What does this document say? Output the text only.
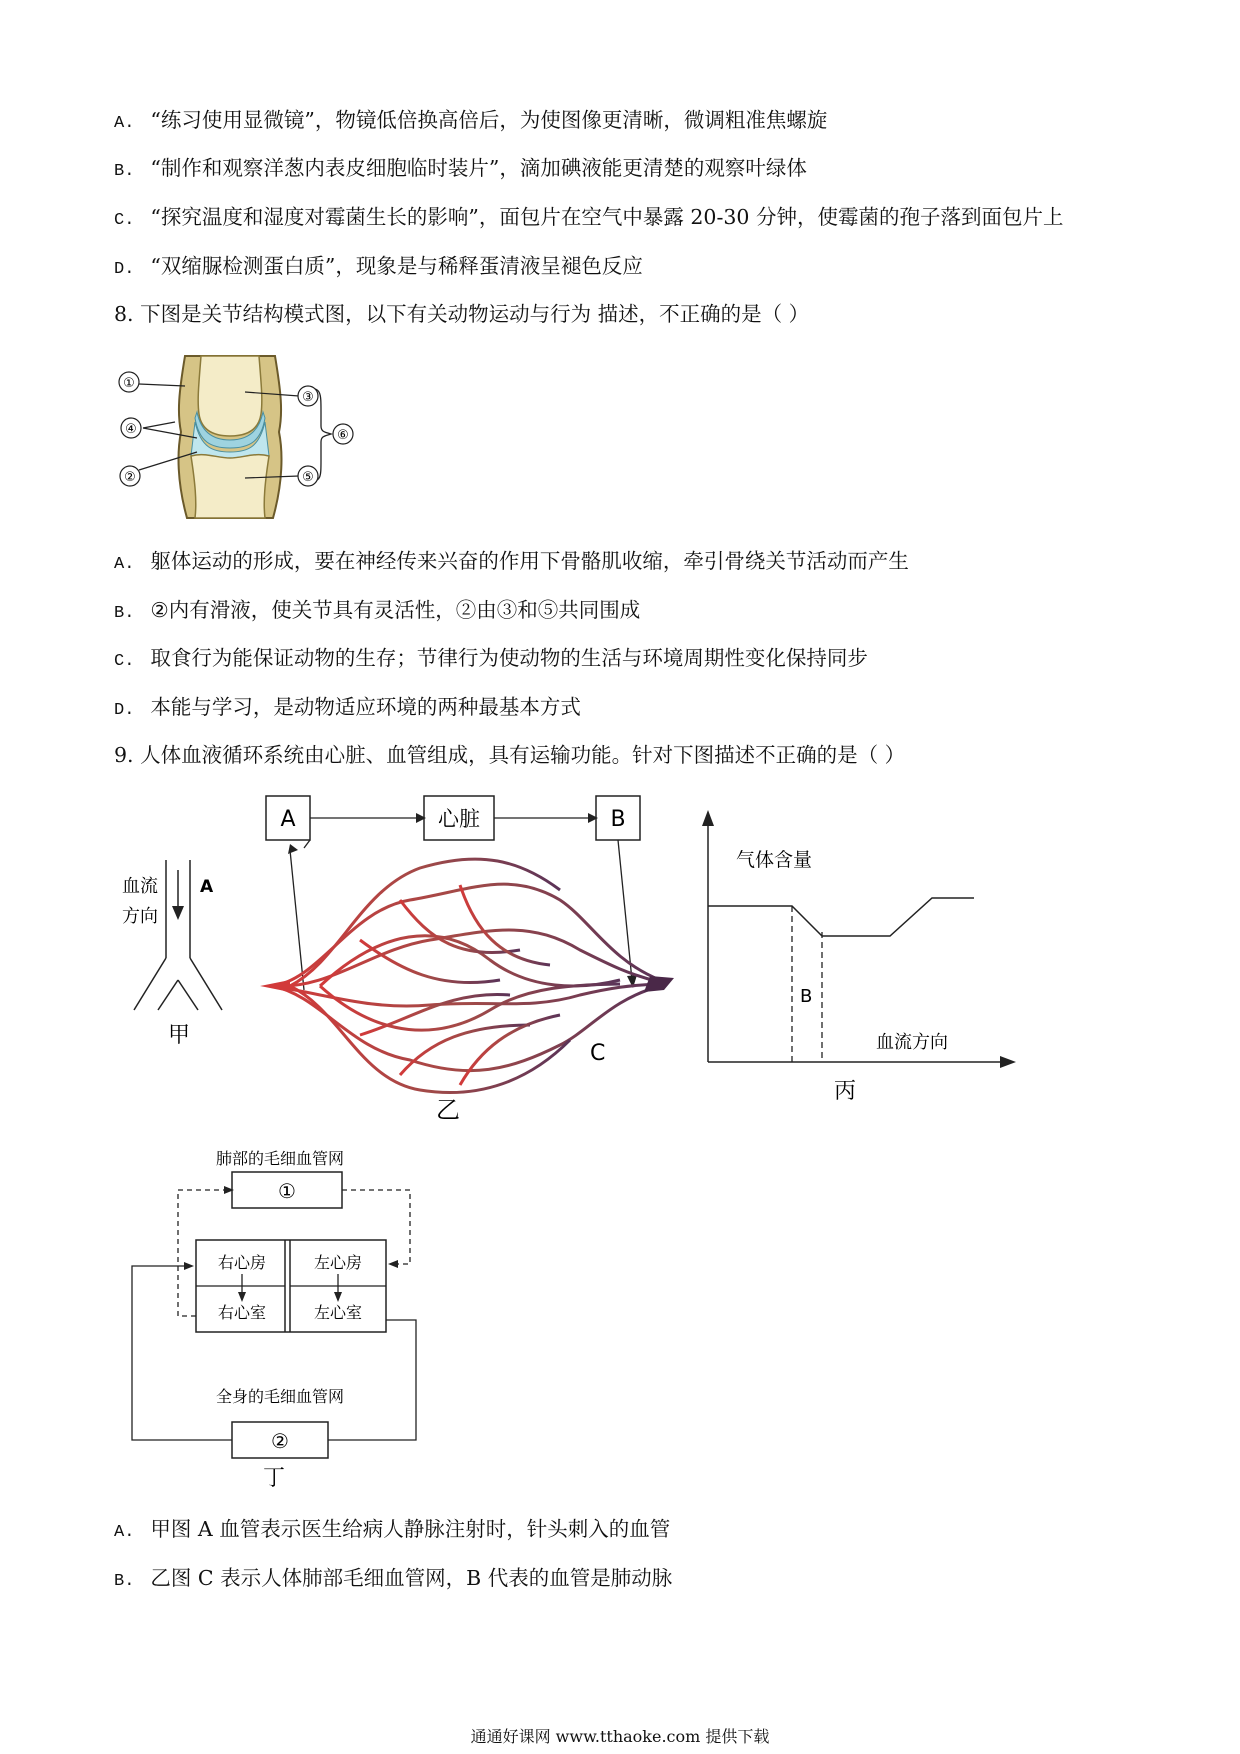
A. “练习使用显微镜”，物镜低倍换高倍后，为使图像更清晰，微调粗准焦螺旋
B. “制作和观察洋葱内表皮细胞临时装片”，滴加碘液能更清楚的观察叶绿体
C. “探究温度和湿度对霉菌生长的影响”，面包片在空气中暴露 20-30 分钟，使霉菌的孢子落到面包片上
D. “双缩脲检测蛋白质”，现象是与稀释蛋清液呈褪色反应
8. 下图是关节结构模式图，以下有关动物运动与行为 描述，不正确的是（ ）
①
④
②
③
⑤
⑥
A. 躯体运动的形成，要在神经传来兴奋的作用下骨骼肌收缩，牵引骨绕关节活动而产生
B. ②内有滑液，使关节具有灵活性，②由③和⑤共同围成
C. 取食行为能保证动物的生存；节律行为使动物的生活与环境周期性变化保持同步
D. 本能与学习，是动物适应环境的两种最基本方式
9. 人体血液循环系统由心脏、血管组成，具有运输功能。针对下图描述不正确的是（ ）
血流
方向
A
甲
A	心脏	B
C
乙
气体含量
B
血流方向
丙
肺部的毛细血管网
①
右心房	左心房
右心室	左心室
全身的毛细血管网
②
丁
A. 甲图 A 血管表示医生给病人静脉注射时，针头刺入的血管
B. 乙图 C 表示人体肺部毛细血管网，B 代表的血管是肺动脉
通通好课网 www.tthaoke.com 提供下载
